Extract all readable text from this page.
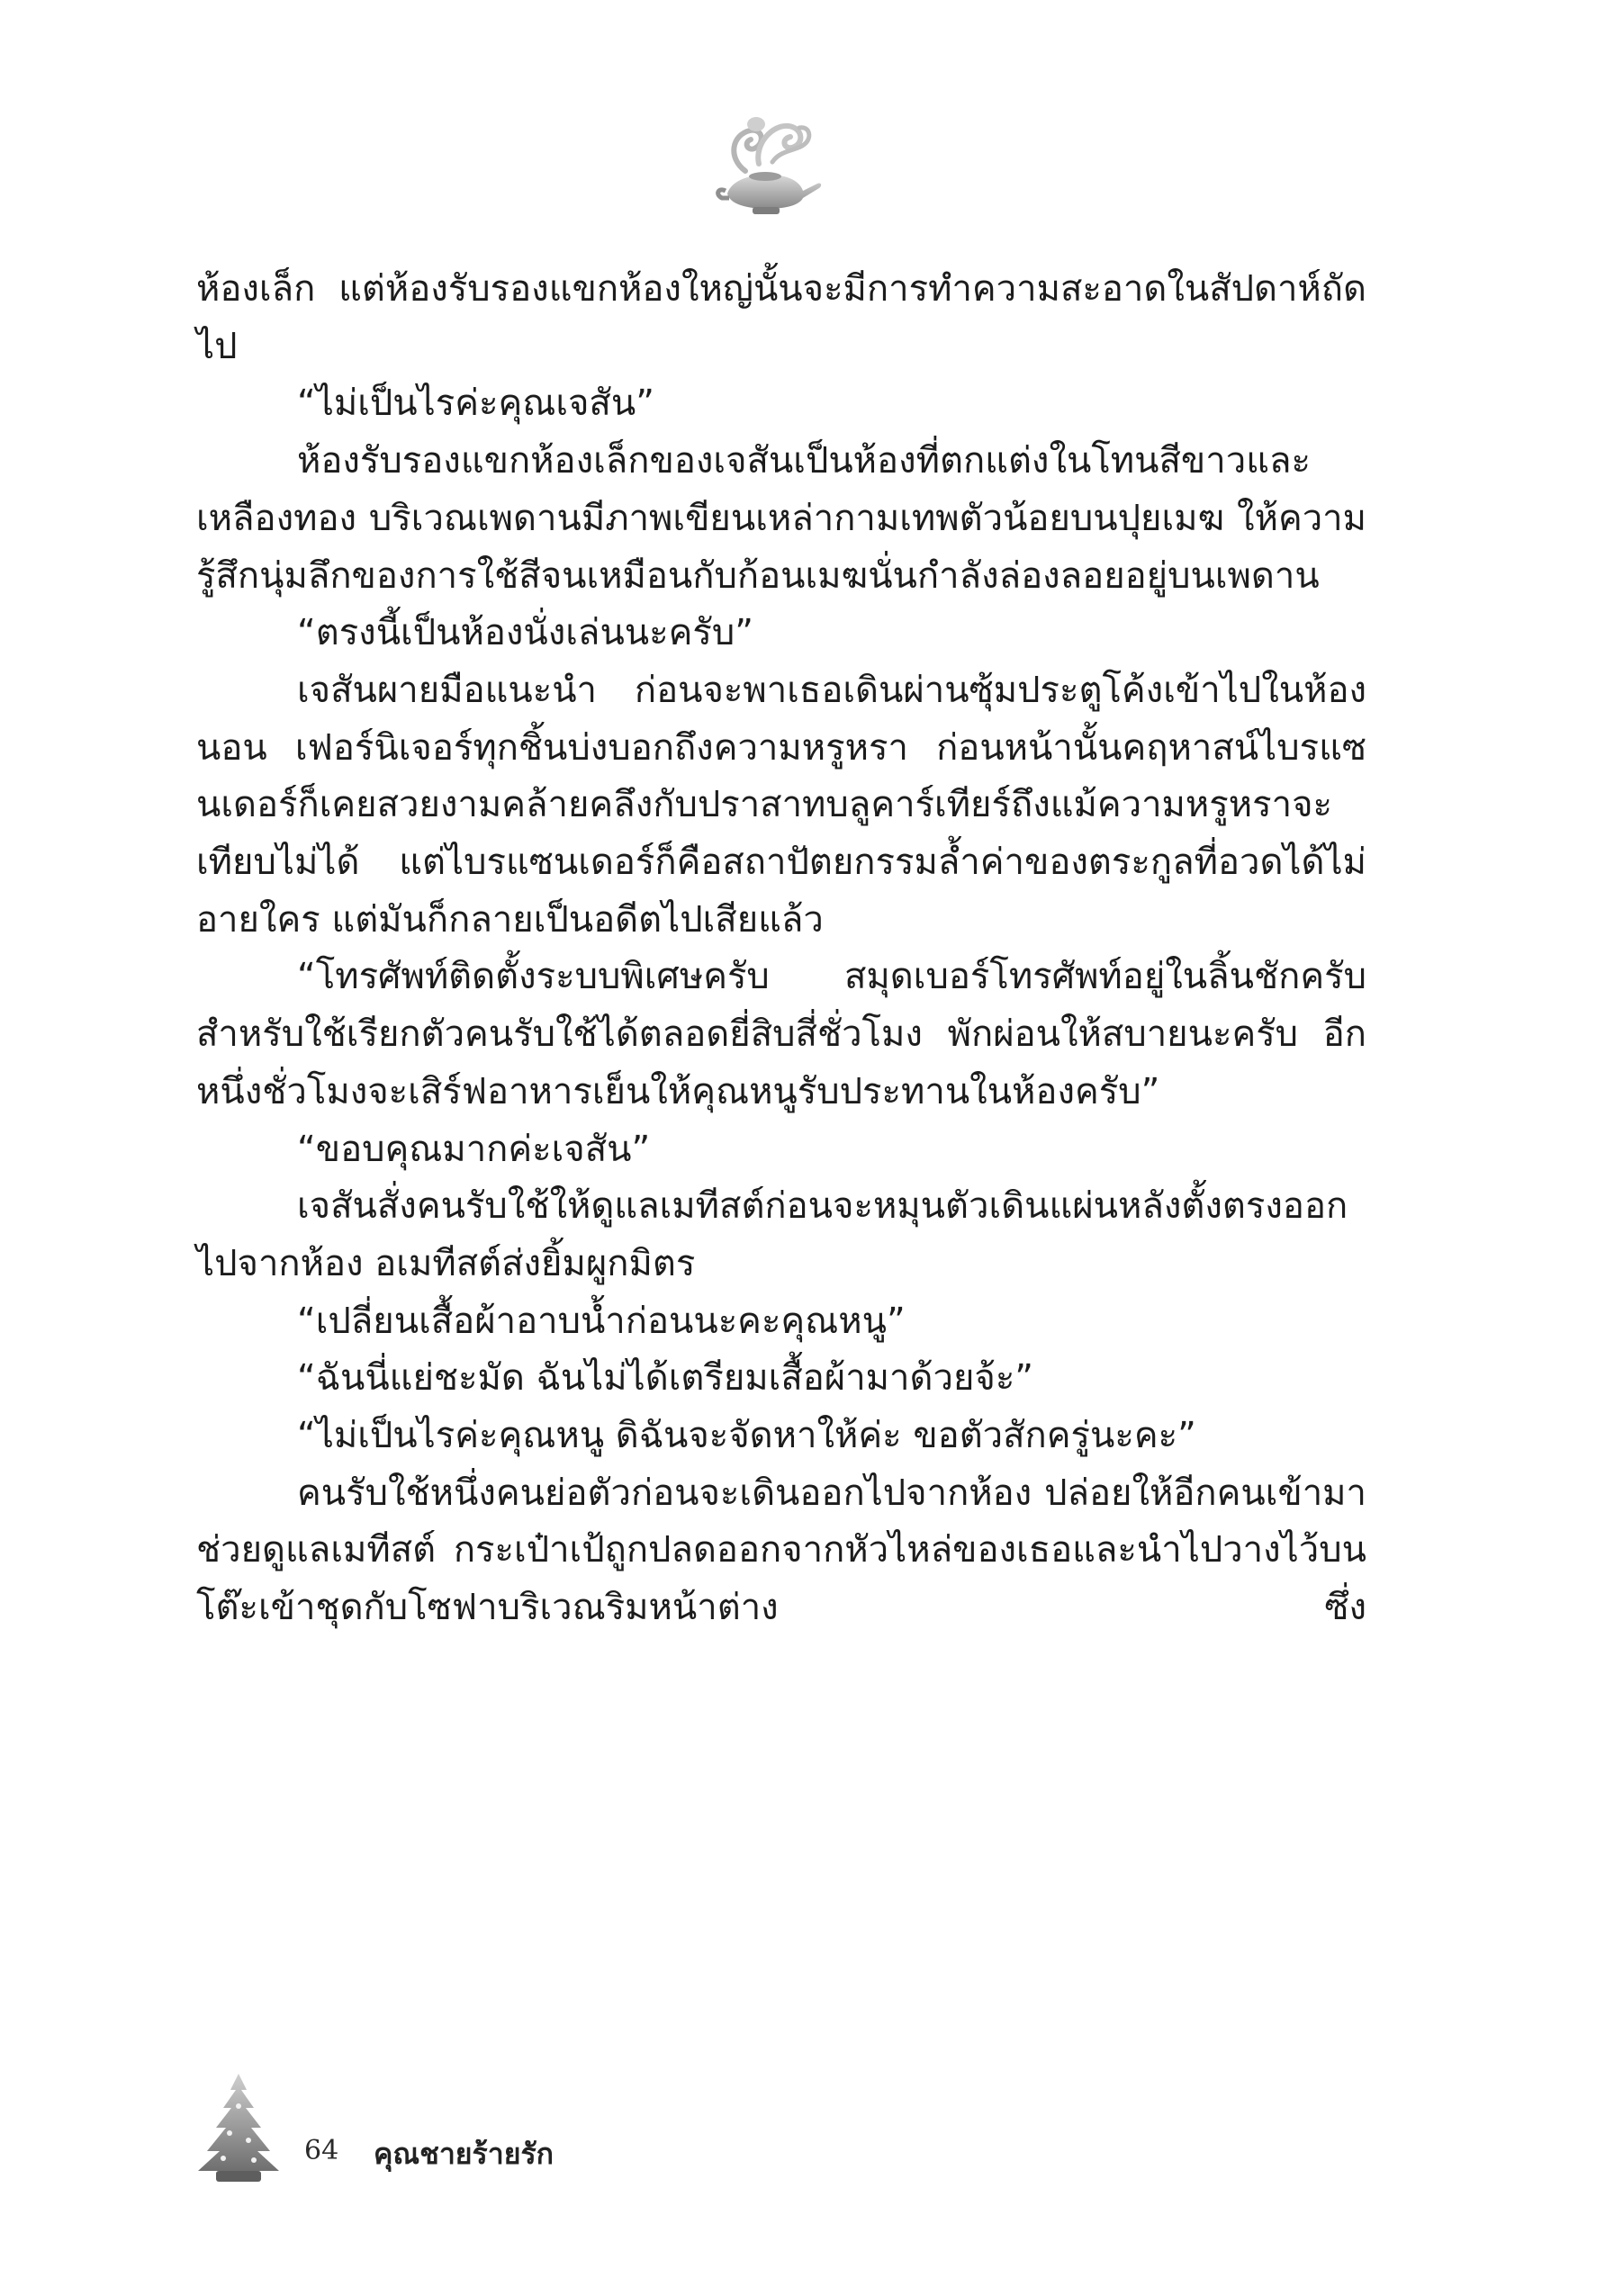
ห้องเล็ก แต่ห้องรับรองแขกห้องใหญ่นั้นจะมีการทำความสะอาดในสัปดาห์ถัดไป

“ไม่เป็นไรค่ะคุณเจสัน”

ห้องรับรองแขกห้องเล็กของเจสันเป็นห้องที่ตกแต่งในโทนสีขาวและเหลืองทอง บริเวณเพดานมีภาพเขียนเหล่ากามเทพตัวน้อยบนปุยเมฆ ให้ความรู้สึกนุ่มลึกของการใช้สีจนเหมือนกับก้อนเมฆนั่นกำลังล่องลอยอยู่บนเพดาน

“ตรงนี้เป็นห้องนั่งเล่นนะครับ”

เจสันผายมือแนะนำ ก่อนจะพาเธอเดินผ่านซุ้มประตูโค้งเข้าไปในห้องนอน เฟอร์นิเจอร์ทุกชิ้นบ่งบอกถึงความหรูหรา ก่อนหน้านั้นคฤหาสน์ไบรแซนเดอร์ก็เคยสวยงามคล้ายคลึงกับปราสาทบลูคาร์เทียร์ถึงแม้ความหรูหราจะเทียบไม่ได้ แต่ไบรแซนเดอร์ก็คือสถาปัตยกรรมล้ำค่าของตระกูลที่อวดได้ไม่อายใคร แต่มันก็กลายเป็นอดีตไปเสียแล้ว

“โทรศัพท์ติดตั้งระบบพิเศษครับ สมุดเบอร์โทรศัพท์อยู่ในลิ้นชักครับ สำหรับใช้เรียกตัวคนรับใช้ได้ตลอดยี่สิบสี่ชั่วโมง พักผ่อนให้สบายนะครับ อีกหนึ่งชั่วโมงจะเสิร์ฟอาหารเย็นให้คุณหนูรับประทานในห้องครับ”

“ขอบคุณมากค่ะเจสัน”

เจสันสั่งคนรับใช้ให้ดูแลเมทีสต์ก่อนจะหมุนตัวเดินแผ่นหลังตั้งตรงออกไปจากห้อง อเมทีสต์ส่งยิ้มผูกมิตร

“เปลี่ยนเสื้อผ้าอาบน้ำก่อนนะคะคุณหนู”

“ฉันนี่แย่ชะมัด ฉันไม่ได้เตรียมเสื้อผ้ามาด้วยจ้ะ”

“ไม่เป็นไรค่ะคุณหนู ดิฉันจะจัดหาให้ค่ะ ขอตัวสักครู่นะคะ”

คนรับใช้หนึ่งคนย่อตัวก่อนจะเดินออกไปจากห้อง ปล่อยให้อีกคนเข้ามาช่วยดูแลเมทีสต์ กระเป๋าเป้ถูกปลดออกจากหัวไหล่ของเธอและนำไปวางไว้บนโต๊ะเข้าชุดกับโซฟาบริเวณริมหน้าต่าง ซึ่ง

64 คุณชายร้ายรัก
